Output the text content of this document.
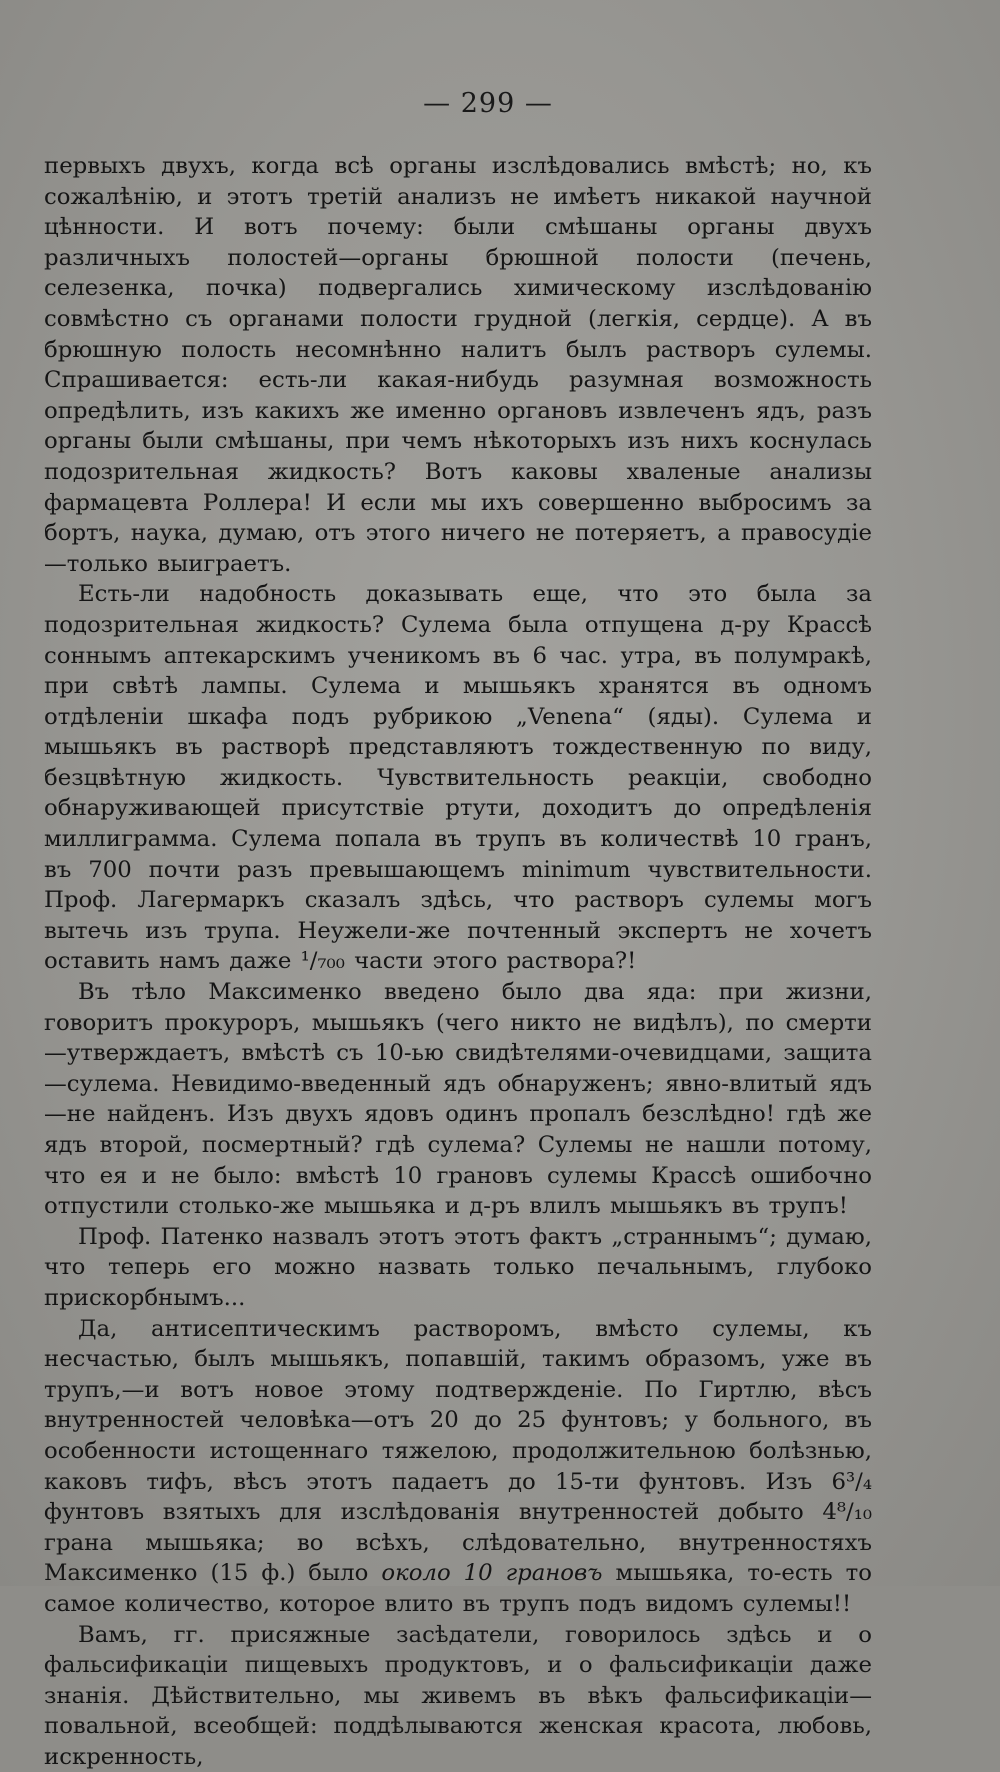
— 299 —

первыхъ двухъ, когда всѣ органы изслѣдовались вмѣстѣ; но, къ сожалѣнію, и этотъ третій анализъ не имѣетъ никакой научной цѣнности. И вотъ почему: были смѣшаны органы двухъ различныхъ полостей—органы брюшной полости (печень, селезенка, почка) подвергались химическому изслѣдованію совмѣстно съ органами полости грудной (легкія, сердце). А въ брюшную полость несомнѣнно налитъ былъ растворъ сулемы. Спрашивается: есть-ли какая-нибудь разумная возможность опредѣлить, изъ какихъ же именно органовъ извлеченъ ядъ, разъ органы были смѣшаны, при чемъ нѣкоторыхъ изъ нихъ коснулась подозрительная жидкость? Вотъ каковы хваленые анализы фармацевта Роллера! И если мы ихъ совершенно выбросимъ за бортъ, наука, думаю, отъ этого ничего не потеряетъ, а правосудіе—только выиграетъ.

Есть-ли надобность доказывать еще, что это была за подозрительная жидкость? Сулема была отпущена д-ру Крассѣ соннымъ аптекарскимъ ученикомъ въ 6 час. утра, въ полумракѣ, при свѣтѣ лампы. Сулема и мышьякъ хранятся въ одномъ отдѣленіи шкафа подъ рубрикою „Venena“ (яды). Сулема и мышьякъ въ растворѣ представляютъ тождественную по виду, безцвѣтную жидкость. Чувствительность реакціи, свободно обнаруживающей присутствіе ртути, доходитъ до опредѣленія миллиграмма. Сулема попала въ трупъ въ количествѣ 10 гранъ, въ 700 почти разъ превышающемъ minimum чувствительности. Проф. Лагермаркъ сказалъ здѣсь, что растворъ сулемы могъ вытечь изъ трупа. Неужели-же почтенный экспертъ не хочетъ оставить намъ даже ¹/₇₀₀ части этого раствора?!

Въ тѣло Максименко введено было два яда: при жизни, говоритъ прокуроръ, мышьякъ (чего никто не видѣлъ), по смерти—утверждаетъ, вмѣстѣ съ 10-ью свидѣтелями-очевидцами, защита—сулема. Невидимо-введенный ядъ обнаруженъ; явно-влитый ядъ—не найденъ. Изъ двухъ ядовъ одинъ пропалъ безслѣдно! гдѣ же ядъ второй, посмертный? гдѣ сулема? Сулемы не нашли потому, что ея и не было: вмѣстѣ 10 грановъ сулемы Крассѣ ошибочно отпустили столько-же мышьяка и д-ръ влилъ мышьякъ въ трупъ!

Проф. Патенко назвалъ этотъ этотъ фактъ „страннымъ“; думаю, что теперь его можно назвать только печальнымъ, глубоко прискорбнымъ...

Да, антисептическимъ растворомъ, вмѣсто сулемы, къ несчастью, былъ мышьякъ, попавшій, такимъ образомъ, уже въ трупъ,—и вотъ новое этому подтвержденіе. По Гиртлю, вѣсъ внутренностей человѣка—отъ 20 до 25 фунтовъ; у больного, въ особенности истощеннаго тяжелою, продолжительною болѣзнью, каковъ тифъ, вѣсъ этотъ падаетъ до 15-ти фунтовъ. Изъ 6³/₄ фунтовъ взятыхъ для изслѣдованія внутренностей добыто 4⁸/₁₀ грана мышьяка; во всѣхъ, слѣдовательно, внутренностяхъ Максименко (15 ф.) было около 10 грановъ мышьяка, то-есть то самое количество, которое влито въ трупъ подъ видомъ сулемы!!

Вамъ, гг. присяжные засѣдатели, говорилось здѣсь и о фальсификаціи пищевыхъ продуктовъ, и о фальсификаціи даже знанія. Дѣйствительно, мы живемъ въ вѣкъ фальсификаціи—повальной, всеобщей: поддѣлываются женская красота, любовь, искренность,
